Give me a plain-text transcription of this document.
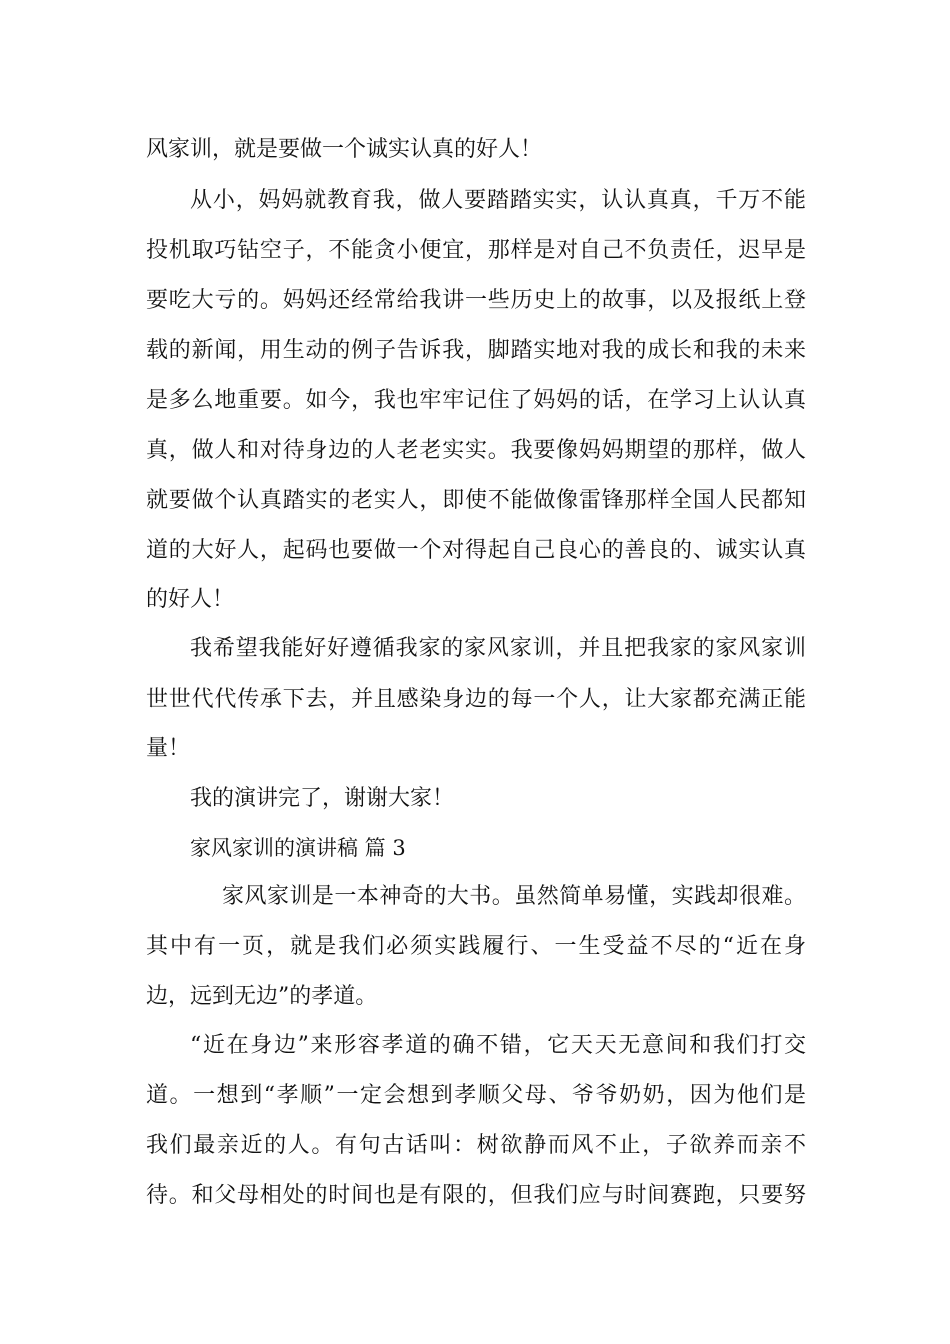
风家训，就是要做一个诚实认真的好人！
从小，妈妈就教育我，做人要踏踏实实，认认真真，千万不能
投机取巧钻空子，不能贪小便宜，那样是对自己不负责任，迟早是
要吃大亏的。妈妈还经常给我讲一些历史上的故事，以及报纸上登
载的新闻，用生动的例子告诉我，脚踏实地对我的成长和我的未来
是多么地重要。如今，我也牢牢记住了妈妈的话，在学习上认认真
真，做人和对待身边的人老老实实。我要像妈妈期望的那样，做人
就要做个认真踏实的老实人，即使不能做像雷锋那样全国人民都知
道的大好人，起码也要做一个对得起自己良心的善良的、诚实认真
的好人！
我希望我能好好遵循我家的家风家训，并且把我家的家风家训
世世代代传承下去，并且感染身边的每一个人，让大家都充满正能
量！
我的演讲完了，谢谢大家！
家风家训的演讲稿 篇 3
家风家训是一本神奇的大书。虽然简单易懂，实践却很难。
其中有一页，就是我们必须实践履行、一生受益不尽的“近在身
边，远到无边”的孝道。
“近在身边”来形容孝道的确不错，它天天无意间和我们打交
道。一想到“孝顺”一定会想到孝顺父母、爷爷奶奶，因为他们是
我们最亲近的人。有句古话叫：树欲静而风不止，子欲养而亲不
待。和父母相处的时间也是有限的，但我们应与时间赛跑，只要努
